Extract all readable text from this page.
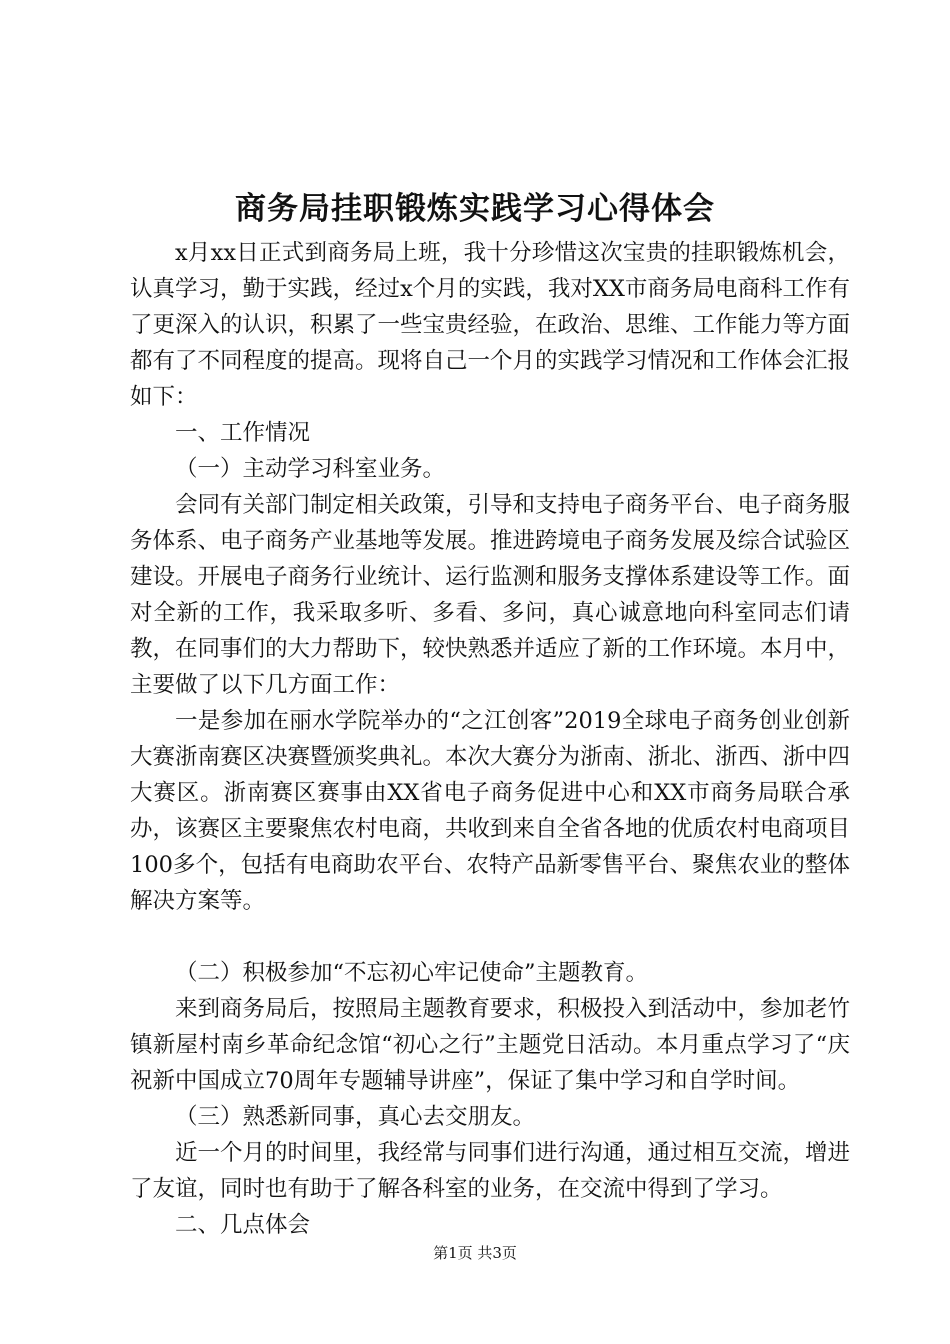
商务局挂职锻炼实践学习心得体会

x月xx日正式到商务局上班，我十分珍惜这次宝贵的挂职锻炼机会，认真学习，勤于实践，经过x个月的实践，我对XX市商务局电商科工作有了更深入的认识，积累了一些宝贵经验，在政治、思维、工作能力等方面都有了不同程度的提高。现将自己一个月的实践学习情况和工作体会汇报如下：

一、工作情况

（一）主动学习科室业务。

会同有关部门制定相关政策，引导和支持电子商务平台、电子商务服务体系、电子商务产业基地等发展。推进跨境电子商务发展及综合试验区建设。开展电子商务行业统计、运行监测和服务支撑体系建设等工作。面对全新的工作，我采取多听、多看、多问，真心诚意地向科室同志们请教，在同事们的大力帮助下，较快熟悉并适应了新的工作环境。本月中，主要做了以下几方面工作：

一是参加在丽水学院举办的“之江创客”2019全球电子商务创业创新大赛浙南赛区决赛暨颁奖典礼。本次大赛分为浙南、浙北、浙西、浙中四大赛区。浙南赛区赛事由XX省电子商务促进中心和XX市商务局联合承办，该赛区主要聚焦农村电商，共收到来自全省各地的优质农村电商项目100多个，包括有电商助农平台、农特产品新零售平台、聚焦农业的整体解决方案等。

（二）积极参加“不忘初心牢记使命”主题教育。

来到商务局后，按照局主题教育要求，积极投入到活动中，参加老竹镇新屋村南乡革命纪念馆“初心之行”主题党日活动。本月重点学习了“庆祝新中国成立70周年专题辅导讲座”，保证了集中学习和自学时间。

（三）熟悉新同事，真心去交朋友。

近一个月的时间里，我经常与同事们进行沟通，通过相互交流，增进了友谊，同时也有助于了解各科室的业务，在交流中得到了学习。

二、几点体会

第1页 共3页
